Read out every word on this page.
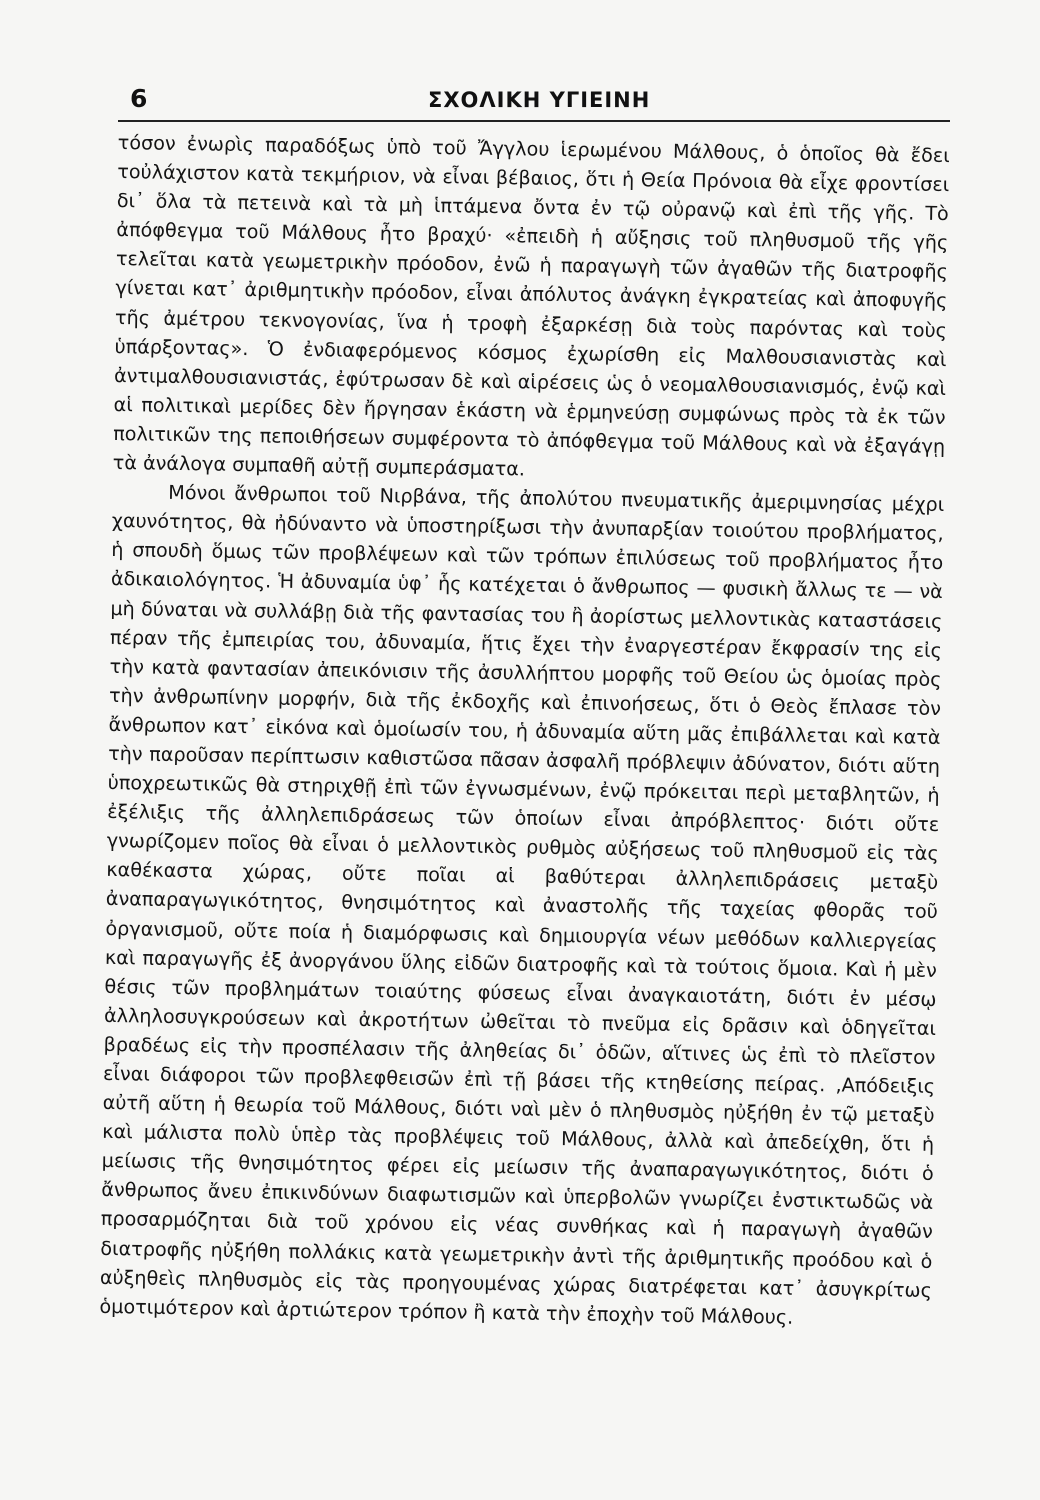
6	ΣΧΟΛΙΚΗ ΥΓΙΕΙΝΗ

τόσον ἐνωρὶς παραδόξως ὑπὸ τοῦ Ἄγγλου ἱερωμένου Μάλθους, ὁ ὁποῖος θὰ ἔδει τοὐλάχιστον κατὰ τεκμήριον, νὰ εἶναι βέβαιος, ὅτι ἡ Θεία Πρόνοια θὰ εἶχε φροντίσει δι᾿ ὅλα τὰ πετεινὰ καὶ τὰ μὴ ἱπτάμενα ὄντα ἐν τῷ οὐρανῷ καὶ ἐπὶ τῆς γῆς. Τὸ ἀπόφθεγμα τοῦ Μάλθους ἦτο βραχύ· «ἐπειδὴ ἡ αὔξησις τοῦ πληθυσμοῦ τῆς γῆς τελεῖται κατὰ γεωμετρικὴν πρόοδον, ἐνῶ ἡ παραγωγὴ τῶν ἀγαθῶν τῆς διατροφῆς γίνεται κατ᾿ ἀριθμητικὴν πρόοδον, εἶναι ἀπόλυτος ἀνάγκη ἐγκρατείας καὶ ἀποφυγῆς τῆς ἀμέτρου τεκνογονίας, ἵνα ἡ τροφὴ ἐξαρκέσῃ διὰ τοὺς παρόντας καὶ τοὺς ὑπάρξοντας». Ὁ ἐνδιαφερόμενος κόσμος ἐχωρίσθη εἰς Μαλθουσιανιστὰς καὶ ἀντιμαλθουσιανιστάς, ἐφύτρωσαν δὲ καὶ αἱρέσεις ὡς ὁ νεομαλθουσιανισμός, ἐνῷ καὶ αἱ πολιτικαὶ μερίδες δὲν ἤργησαν ἑκάστη νὰ ἑρμηνεύσῃ συμφώνως πρὸς τὰ ἐκ τῶν πολιτικῶν της πεποιθήσεων συμφέροντα τὸ ἀπόφθεγμα τοῦ Μάλθους καὶ νὰ ἐξαγάγῃ τὰ ἀνάλογα συμπαθῆ αὐτῇ συμπεράσματα.

Μόνοι ἄνθρωποι τοῦ Νιρβάνα, τῆς ἀπολύτου πνευματικῆς ἀμεριμνησίας μέχρι χαυνότητος, θὰ ἠδύναντο νὰ ὑποστηρίξωσι τὴν ἀνυπαρξίαν τοιούτου προβλήματος, ἡ σπουδὴ ὅμως τῶν προβλέψεων καὶ τῶν τρόπων ἐπιλύσεως τοῦ προβλήματος ἦτο ἀδικαιολόγητος. Ἡ ἀδυναμία ὑφ᾿ ἧς κατέχεται ὁ ἄνθρωπος — φυσικὴ ἄλλως τε — νὰ μὴ δύναται νὰ συλλάβῃ διὰ τῆς φαντασίας του ἢ ἀορίστως μελλοντικὰς καταστάσεις πέραν τῆς ἐμπειρίας του, ἀδυναμία, ἥτις ἔχει τὴν ἐναργεστέραν ἔκφρασίν της εἰς τὴν κατὰ φαντασίαν ἀπεικόνισιν τῆς ἀσυλλήπτου μορφῆς τοῦ Θείου ὡς ὁμοίας πρὸς τὴν ἀνθρωπίνην μορφήν, διὰ τῆς ἐκδοχῆς καὶ ἐπινοήσεως, ὅτι ὁ Θεὸς ἔπλασε τὸν ἄνθρωπον κατ᾿ εἰκόνα καὶ ὁμοίωσίν του, ἡ ἀδυναμία αὕτη μᾶς ἐπιβάλλεται καὶ κατὰ τὴν παροῦσαν περίπτωσιν καθιστῶσα πᾶσαν ἀσφαλῆ πρόβλεψιν ἀδύνατον, διότι αὕτη ὑποχρεωτικῶς θὰ στηριχθῇ ἐπὶ τῶν ἐγνωσμένων, ἐνῷ πρόκειται περὶ μεταβλητῶν, ἡ ἐξέλιξις τῆς ἀλληλεπιδράσεως τῶν ὁποίων εἶναι ἀπρόβλεπτος· διότι οὔτε γνωρίζομεν ποῖος θὰ εἶναι ὁ μελλοντικὸς ρυθμὸς αὐξήσεως τοῦ πληθυσμοῦ εἰς τὰς καθέκαστα χώρας, οὔτε ποῖαι αἱ βαθύτεραι ἀλληλεπιδράσεις μεταξὺ ἀναπαραγωγικότητος, θνησιμότητος καὶ ἀναστολῆς τῆς ταχείας φθορᾶς τοῦ ὀργανισμοῦ, οὔτε ποία ἡ διαμόρφωσις καὶ δημιουργία νέων μεθόδων καλλιεργείας καὶ παραγωγῆς ἐξ ἀνοργάνου ὕλης εἰδῶν διατροφῆς καὶ τὰ τούτοις ὅμοια. Καὶ ἡ μὲν θέσις τῶν προβλημάτων τοιαύτης φύσεως εἶναι ἀναγκαιοτάτη, διότι ἐν μέσῳ ἀλληλοσυγκρούσεων καὶ ἀκροτήτων ὠθεῖται τὸ πνεῦμα εἰς δρᾶσιν καὶ ὁδηγεῖται βραδέως εἰς τὴν προσπέλασιν τῆς ἀληθείας δι᾿ ὁδῶν, αἵτινες ὡς ἐπὶ τὸ πλεῖστον εἶναι διάφοροι τῶν προβλεφθεισῶν ἐπὶ τῇ βάσει τῆς κτηθείσης πείρας. ‚Απόδειξις αὐτῆ αὕτη ἡ θεωρία τοῦ Μάλθους, διότι ναὶ μὲν ὁ πληθυσμὸς ηὐξήθη ἐν τῷ μεταξὺ καὶ μάλιστα πολὺ ὑπὲρ τὰς προβλέψεις τοῦ Μάλθους, ἀλλὰ καὶ ἀπεδείχθη, ὅτι ἡ μείωσις τῆς θνησιμότητος φέρει εἰς μείωσιν τῆς ἀναπαραγωγικότητος, διότι ὁ ἄνθρωπος ἄνευ ἐπικινδύνων διαφωτισμῶν καὶ ὑπερβολῶν γνωρίζει ἐνστικτωδῶς νὰ προσαρμόζηται διὰ τοῦ χρόνου εἰς νέας συνθήκας καὶ ἡ παραγωγὴ ἀγαθῶν διατροφῆς ηὐξήθη πολλάκις κατὰ γεωμετρικὴν ἀντὶ τῆς ἀριθμητικῆς προόδου καὶ ὁ αὐξηθεὶς πληθυσμὸς εἰς τὰς προηγουμένας χώρας διατρέφεται κατ᾿ ἀσυγκρίτως ὁμοτιμότερον καὶ ἀρτιώτερον τρόπον ἢ κατὰ τὴν ἐποχὴν τοῦ Μάλθους.
